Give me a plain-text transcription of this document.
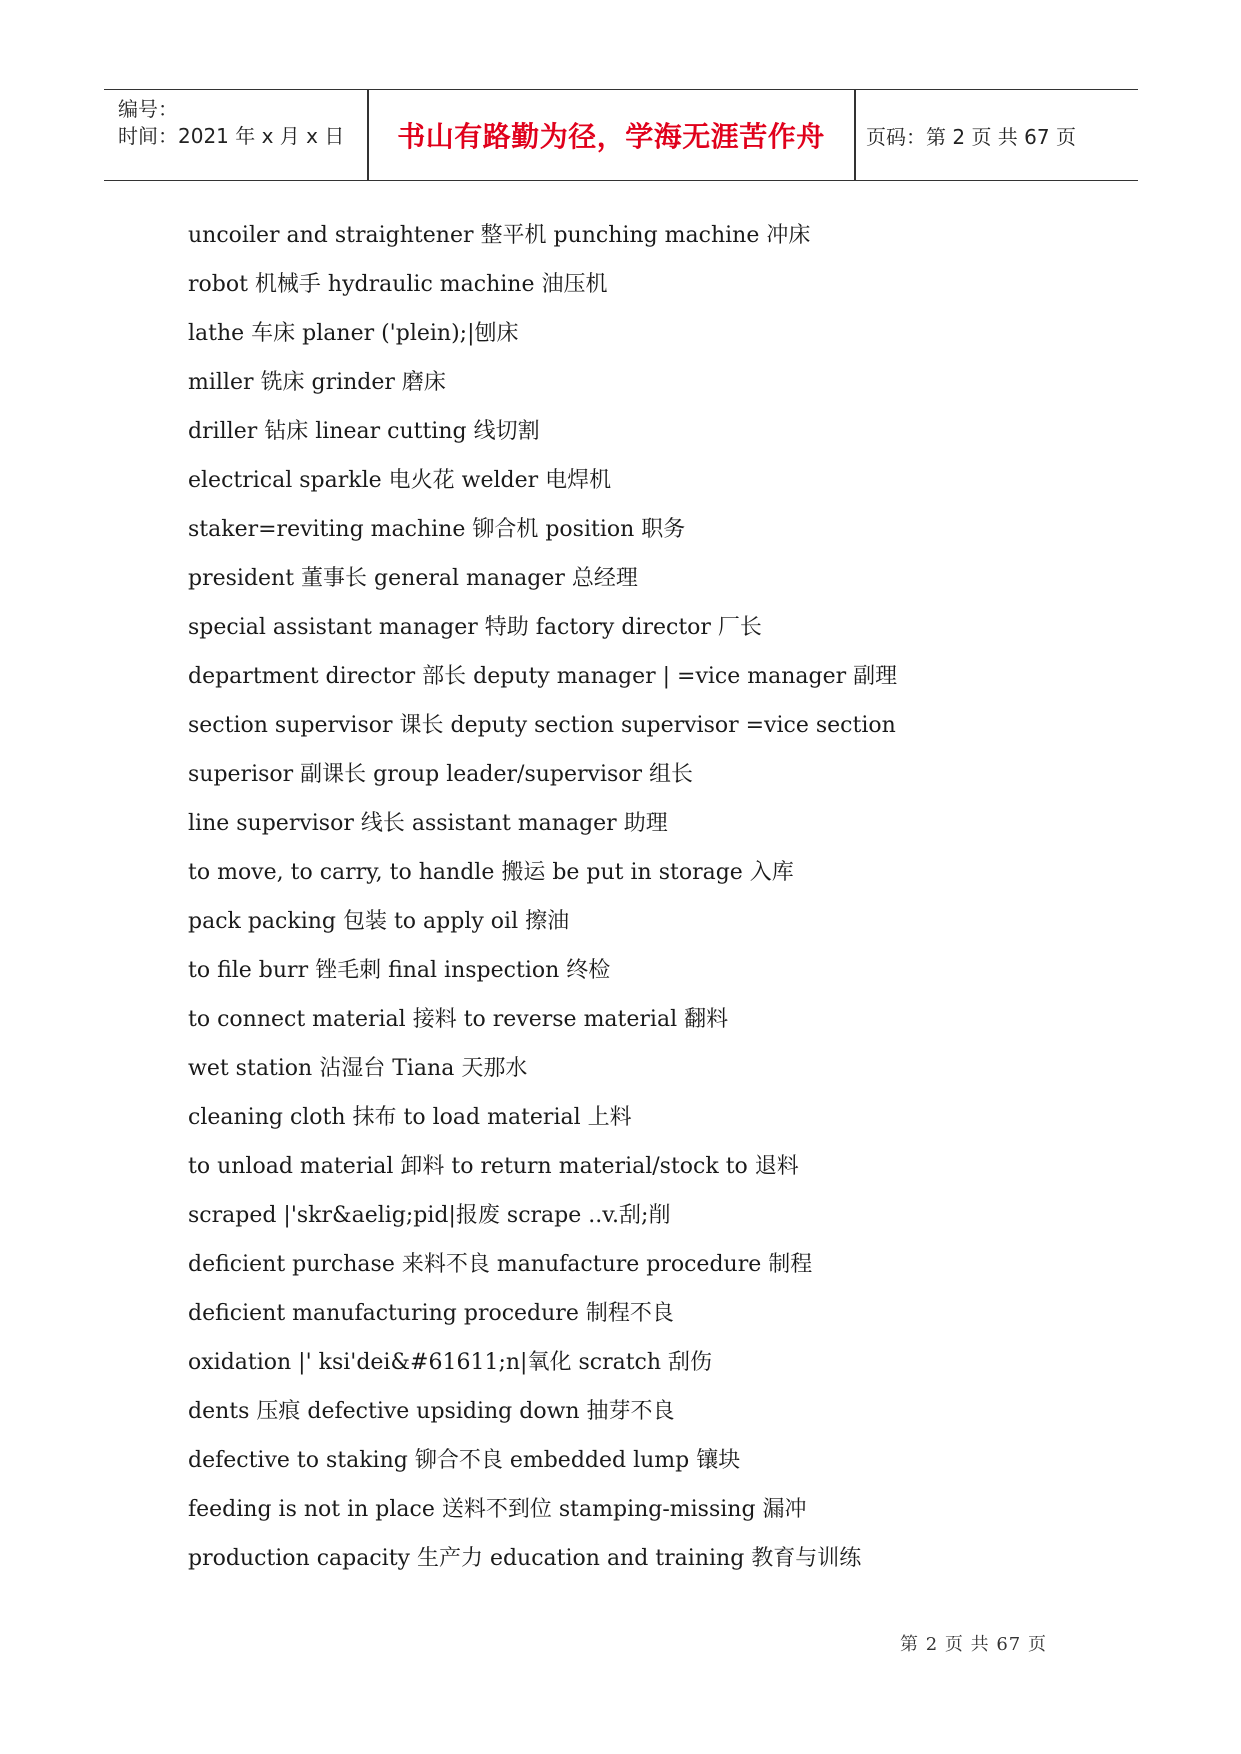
编号：
时间：2021 年 x 月 x 日	书山有路勤为径，学海无涯苦作舟	页码：第 2 页 共 67 页
uncoiler and straightener 整平机 punching machine 冲床
robot 机械手 hydraulic machine 油压机
lathe 车床 planer ('plein);|刨床
miller 铣床 grinder 磨床
driller 钻床 linear cutting 线切割
electrical sparkle 电火花 welder 电焊机
staker=reviting machine 铆合机 position 职务
president 董事长 general manager 总经理
special assistant manager 特助 factory director 厂长
department director 部长 deputy manager | =vice manager 副理
section supervisor 课长 deputy section supervisor =vice section
superisor 副课长 group leader/supervisor 组长
line supervisor 线长 assistant manager 助理
to move, to carry, to handle 搬运 be put in storage 入库
pack packing 包装 to apply oil 擦油
to file burr 锉毛刺 final inspection 终检
to connect material 接料 to reverse material 翻料
wet station 沾湿台 Tiana 天那水
cleaning cloth 抹布 to load material 上料
to unload material 卸料 to return material/stock to 退料
scraped |'skr&aelig;pid|报废 scrape ..v.刮;削
deficient purchase 来料不良 manufacture procedure 制程
deficient manufacturing procedure 制程不良
oxidation |' ksi'dei&#61611;n|氧化 scratch 刮伤
dents 压痕 defective upsiding down 抽芽不良
defective to staking 铆合不良 embedded lump 镶块
feeding is not in place 送料不到位 stamping-missing 漏冲
production capacity 生产力 education and training 教育与训练
第 2 页 共 67 页
